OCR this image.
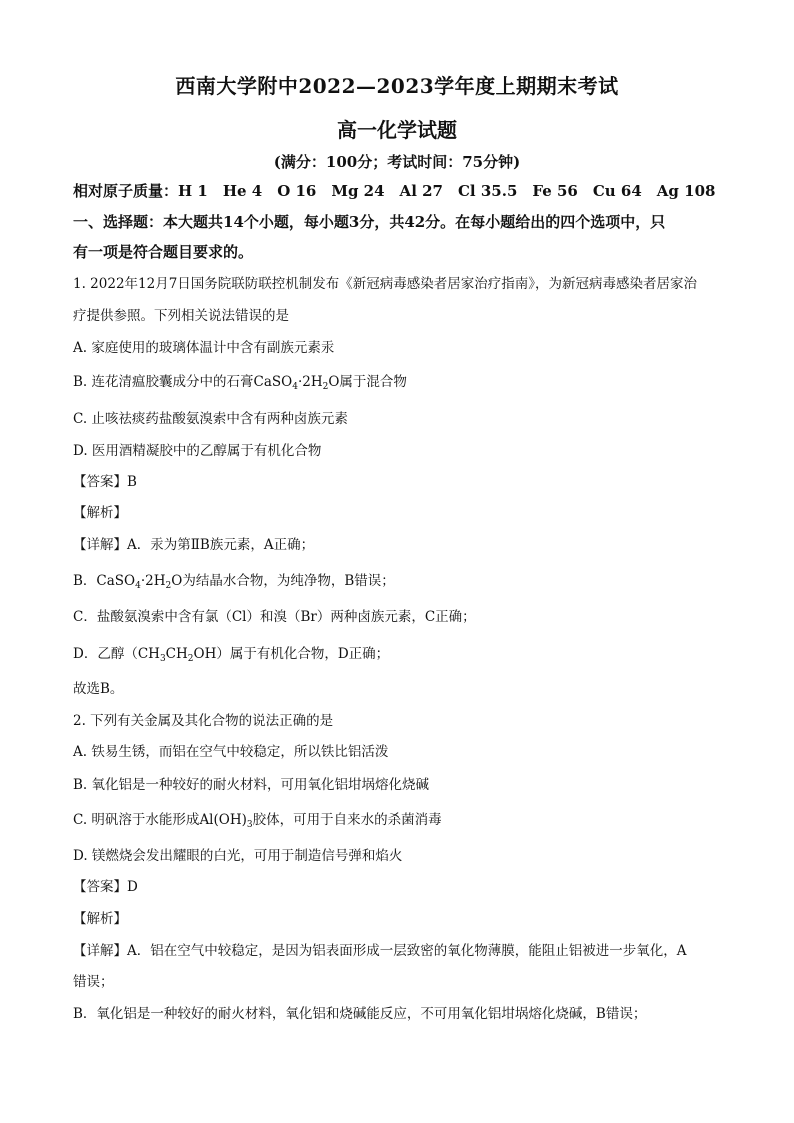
西南大学附中2022—2023学年度上期期末考试
高一化学试题
(满分：100分；考试时间：75分钟)
相对原子质量：H 1　He 4　O 16　Mg 24　Al 27　Cl 35.5　Fe 56　Cu 64　Ag 108
一、选择题：本大题共14个小题，每小题3分，共42分。在每小题给出的四个选项中，只
有一项是符合题目要求的。
1. 2022年12月7日国务院联防联控机制发布《新冠病毒感染者居家治疗指南》，为新冠病毒感染者居家治
疗提供参照。下列相关说法错误的是
A. 家庭使用的玻璃体温计中含有副族元素汞
B. 连花清瘟胶囊成分中的石膏$CaSO_4\cdot 2H_2O$属于混合物
C. 止咳祛痰药盐酸氨溴索中含有两种卤族元素
D. 医用酒精凝胶中的乙醇属于有机化合物
【答案】B
【解析】
【详解】A．汞为第ⅡB族元素，A正确；
B．$CaSO_4\cdot 2H_2O$为结晶水合物，为纯净物，B错误；
C．盐酸氨溴索中含有氯（Cl）和溴（Br）两种卤族元素，C正确；
D．乙醇$(CH_3CH_2OH)$属于有机化合物，D正确；
故选B。
2. 下列有关金属及其化合物的说法正确的是
A. 铁易生锈，而铝在空气中较稳定，所以铁比铝活泼
B. 氧化铝是一种较好的耐火材料，可用氧化铝坩埚熔化烧碱
C. 明矾溶于水能形成$Al(OH)_3$胶体，可用于自来水的杀菌消毒
D. 镁燃烧会发出耀眼的白光，可用于制造信号弹和焰火
【答案】D
【解析】
【详解】A．铝在空气中较稳定，是因为铝表面形成一层致密的氧化物薄膜，能阻止铝被进一步氧化，A
错误；
B．氧化铝是一种较好的耐火材料，氧化铝和烧碱能反应，不可用氧化铝坩埚熔化烧碱，B错误；
